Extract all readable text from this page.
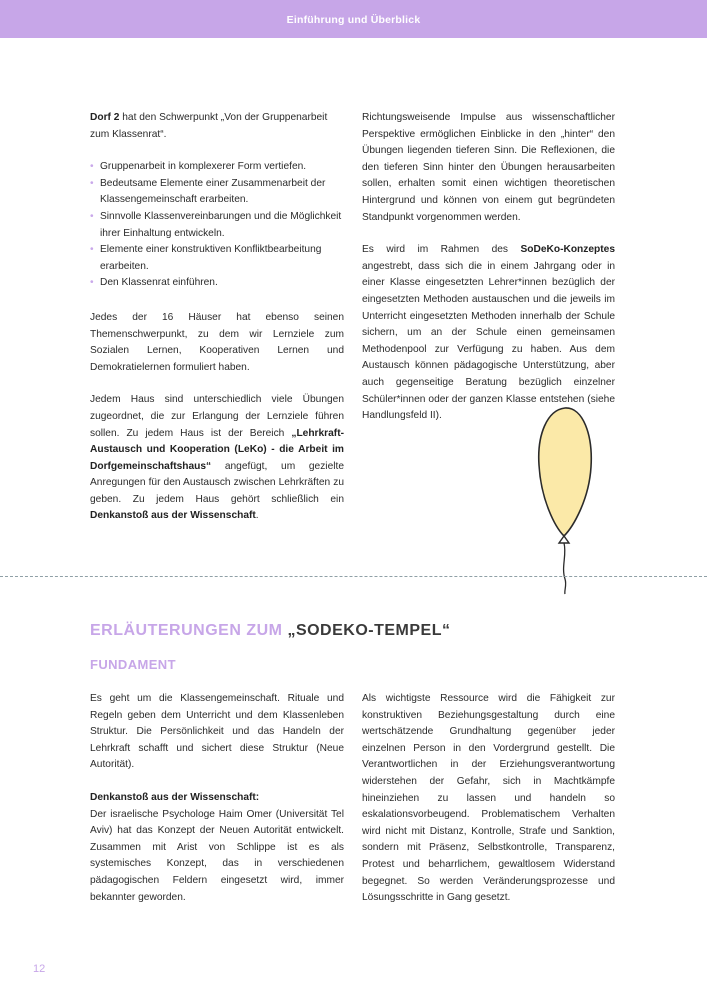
Einführung und Überblick

Dorf 2 hat den Schwerpunkt „Von der Gruppenarbeit zum Klassenrat“.

• Gruppenarbeit in komplexerer Form vertiefen.
• Bedeutsame Elemente einer Zusammenarbeit der Klassengemeinschaft erarbeiten.
• Sinnvolle Klassenvereinbarungen und die Möglichkeit ihrer Einhaltung entwickeln.
• Elemente einer konstruktiven Konfliktbearbeitung erarbeiten.
• Den Klassenrat einführen.

Jedes der 16 Häuser hat ebenso seinen Themenschwerpunkt, zu dem wir Lernziele zum Sozialen Lernen, Kooperativen Lernen und Demokratielernen formuliert haben.

Jedem Haus sind unterschiedlich viele Übungen zugeordnet, die zur Erlangung der Lernziele führen sollen. Zu jedem Haus ist der Bereich „Lehrkraft-Austausch und Kooperation (LeKo) - die Arbeit im Dorfgemeinschaftshaus“ angefügt, um gezielte Anregungen für den Austausch zwischen Lehrkräften zu geben. Zu jedem Haus gehört schließlich ein Denkanstoß aus der Wissenschaft.

Richtungsweisende Impulse aus wissenschaftlicher Perspektive ermöglichen Einblicke in den „hinter“ den Übungen liegenden tieferen Sinn. Die Reflexionen, die den tieferen Sinn hinter den Übungen herausarbeiten sollen, erhalten somit einen wichtigen theoretischen Hintergrund und können von einem gut begründeten Standpunkt vorgenommen werden.

Es wird im Rahmen des SoDeKo-Konzeptes angestrebt, dass sich die in einem Jahrgang oder in einer Klasse eingesetzten Lehrer*innen bezüglich der eingesetzten Methoden austauschen und die jeweils im Unterricht eingesetzten Methoden innerhalb der Schule sichern, um an der Schule einen gemeinsamen Methodenpool zur Verfügung zu haben. Aus dem Austausch können pädagogische Unterstützung, aber auch gegenseitige Beratung bezüglich einzelner Schüler*innen oder der ganzen Klasse entstehen (siehe Handlungsfeld II).

ERLÄUTERUNGEN ZUM „SODEKO-TEMPEL“
FUNDAMENT

Es geht um die Klassengemeinschaft. Rituale und Regeln geben dem Unterricht und dem Klassenleben Struktur. Die Persönlichkeit und das Handeln der Lehrkraft schafft und sichert diese Struktur (Neue Autorität).

Denkanstoß aus der Wissenschaft:
Der israelische Psychologe Haim Omer (Universität Tel Aviv) hat das Konzept der Neuen Autorität entwickelt. Zusammen mit Arist von Schlippe ist es als systemisches Konzept, das in verschiedenen pädagogischen Feldern eingesetzt wird, immer bekannter geworden.

Als wichtigste Ressource wird die Fähigkeit zur konstruktiven Beziehungsgestaltung durch eine wertschätzende Grundhaltung gegenüber jeder einzelnen Person in den Vordergrund gestellt. Die Verantwortlichen in der Erziehungsverantwortung widerstehen der Gefahr, sich in Machtkämpfe hineinziehen zu lassen und handeln so eskalationsvorbeugend. Problematischem Verhalten wird nicht mit Distanz, Kontrolle, Strafe und Sanktion, sondern mit Präsenz, Selbstkontrolle, Transparenz, Protest und beharrlichem, gewaltlosem Widerstand begegnet. So werden Veränderungsprozesse und Lösungsschritte in Gang gesetzt.

12
